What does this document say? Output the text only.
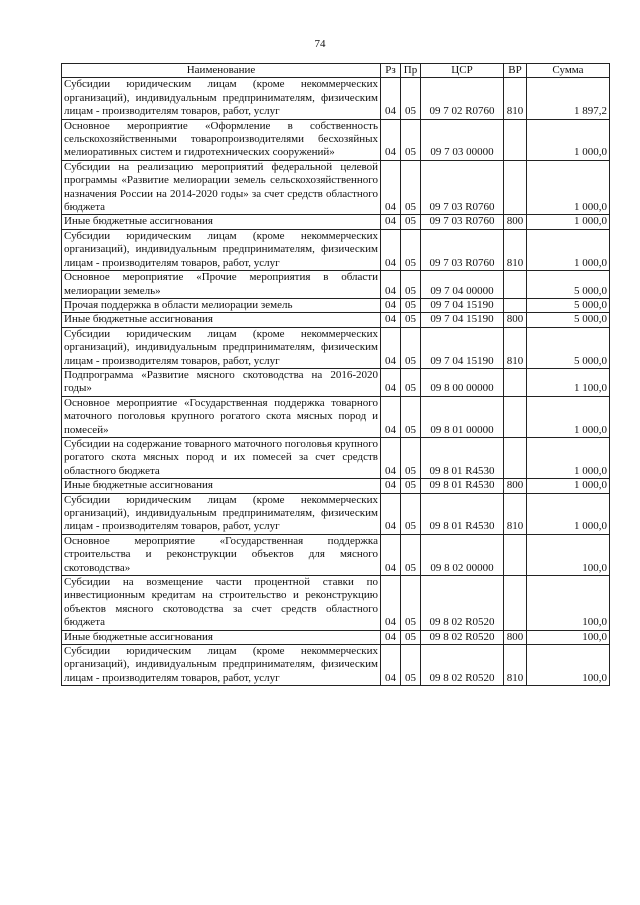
74
Наименование	Рз	Пр	ЦСР	ВР	Сумма
Субсидии юридическим лицам (кроме некоммерческих организаций), индивидуальным предпринимателям, физическим лицам - производителям товаров, работ, услуг	04	05	09 7 02 R0760	810	1 897,2
Основное мероприятие «Оформление в собственность сельскохозяйственными товаропроизводителями бесхозяйных мелиоративных систем и гидротехнических сооружений»	04	05	09 7 03 00000		1 000,0
Субсидии на реализацию мероприятий федеральной целевой программы «Развитие мелиорации земель сельскохозяйственного назначения России на 2014-2020 годы» за счет средств областного бюджета	04	05	09 7 03 R0760		1 000,0
Иные бюджетные ассигнования	04	05	09 7 03 R0760	800	1 000,0
Субсидии юридическим лицам (кроме некоммерческих организаций), индивидуальным предпринимателям, физическим лицам - производителям товаров, работ, услуг	04	05	09 7 03 R0760	810	1 000,0
Основное мероприятие «Прочие мероприятия в области мелиорации земель»	04	05	09 7 04 00000		5 000,0
Прочая поддержка в области мелиорации земель	04	05	09 7 04 15190		5 000,0
Иные бюджетные ассигнования	04	05	09 7 04 15190	800	5 000,0
Субсидии юридическим лицам (кроме некоммерческих организаций), индивидуальным предпринимателям, физическим лицам - производителям товаров, работ, услуг	04	05	09 7 04 15190	810	5 000,0
Подпрограмма «Развитие мясного скотоводства на 2016-2020 годы»	04	05	09 8 00 00000		1 100,0
Основное мероприятие «Государственная поддержка товарного маточного поголовья крупного рогатого скота мясных пород и помесей»	04	05	09 8 01 00000		1 000,0
Субсидии на содержание товарного маточного поголовья крупного рогатого скота мясных пород и их помесей за счет средств областного бюджета	04	05	09 8 01 R4530		1 000,0
Иные бюджетные ассигнования	04	05	09 8 01 R4530	800	1 000,0
Субсидии юридическим лицам (кроме некоммерческих организаций), индивидуальным предпринимателям, физическим лицам - производителям товаров, работ, услуг	04	05	09 8 01 R4530	810	1 000,0
Основное мероприятие «Государственная поддержка строительства и реконструкции объектов для мясного скотоводства»	04	05	09 8 02 00000		100,0
Субсидии на возмещение части процентной ставки по инвестиционным кредитам на строительство и реконструкцию объектов мясного скотоводства за счет средств областного бюджета	04	05	09 8 02 R0520		100,0
Иные бюджетные ассигнования	04	05	09 8 02 R0520	800	100,0
Субсидии юридическим лицам (кроме некоммерческих организаций), индивидуальным предпринимателям, физическим лицам - производителям товаров, работ, услуг	04	05	09 8 02 R0520	810	100,0
